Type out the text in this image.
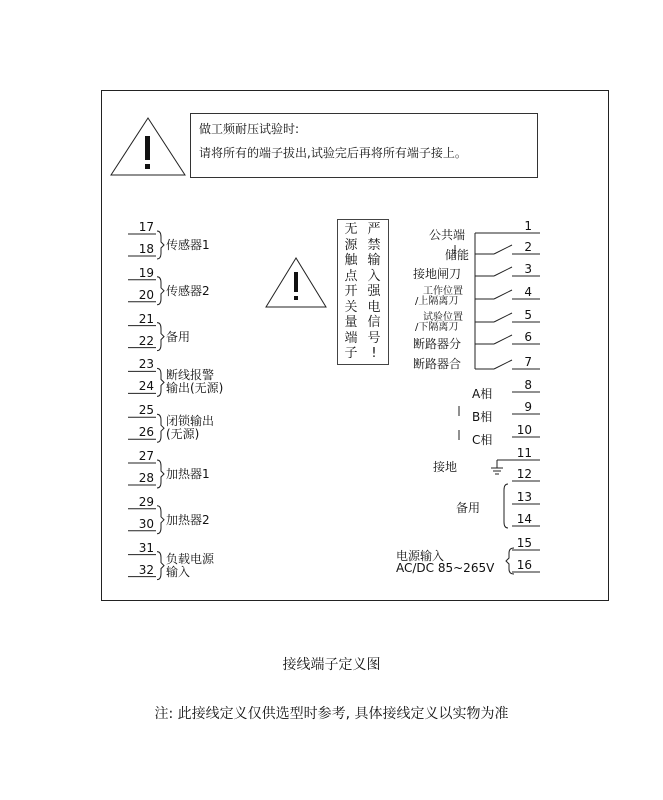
做工频耐压试验时:
请将所有的端子拔出,试验完后再将所有端子接上。
无
源
触
点
开
关
量
端
子
严
禁
输
入
强
电
信
号
!
17
18 传感器1
19
20 传感器2
21
22 备用
23
24
断线报警
输出(无源)
25
26
闭锁输出
(无源)
27
28 加热器1
29
30 加热器2
31
32
负载电源
输入
1
2
3
4
5
6
7
8
9
10
11
12
13
14
15
16
公共端
储能
接地闸刀
工作位置
/上隔离刀
试验位置
/下隔离刀
断路器分
断路器合
A相
B相
C相
接地
备用
电源输入
AC/DC 85~265V
接线端子定义图
注: 此接线定义仅供选型时参考, 具体接线定义以实物为准
